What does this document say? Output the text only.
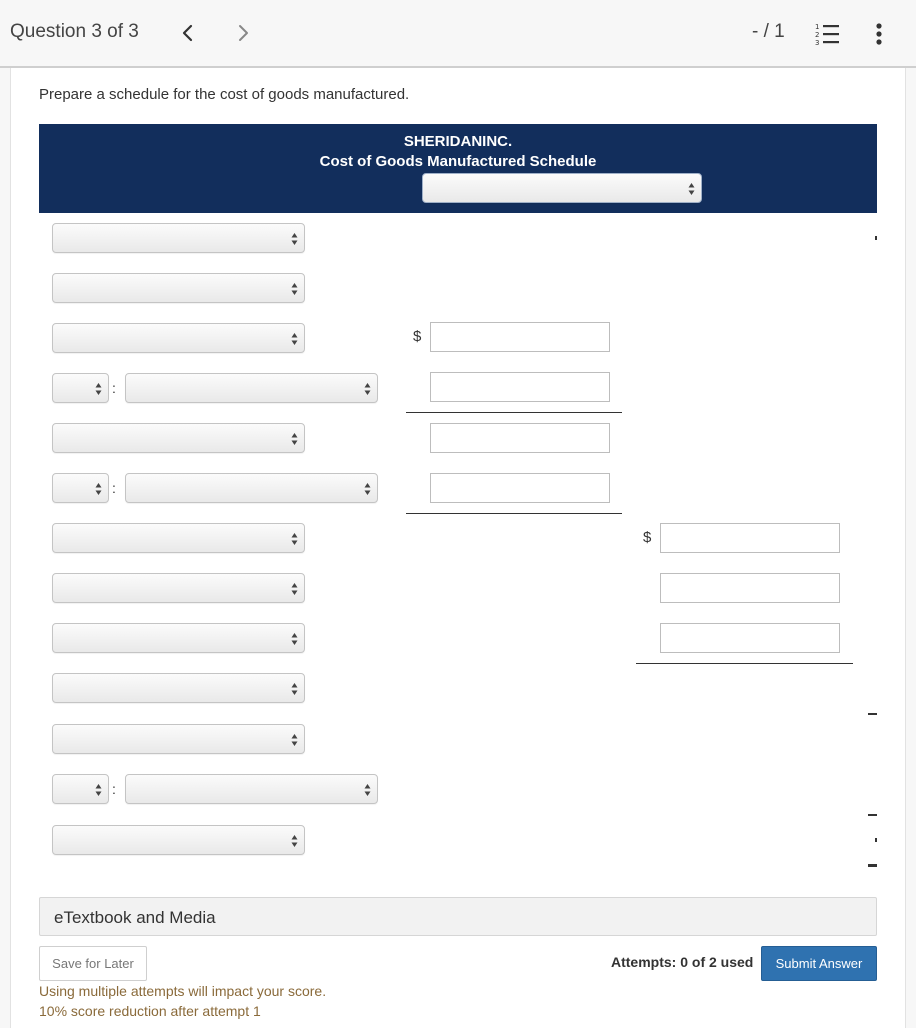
Question 3 of 3	- / 1	1
2
3
Prepare a schedule for the cost of goods manufactured.
SHERIDANINC.
Cost of Goods Manufactured Schedule
$
:
:
$
:
eTextbook and Media
Save for Later	Attempts: 0 of 2 used	Submit Answer
Using multiple attempts will impact your score.
10% score reduction after attempt 1
